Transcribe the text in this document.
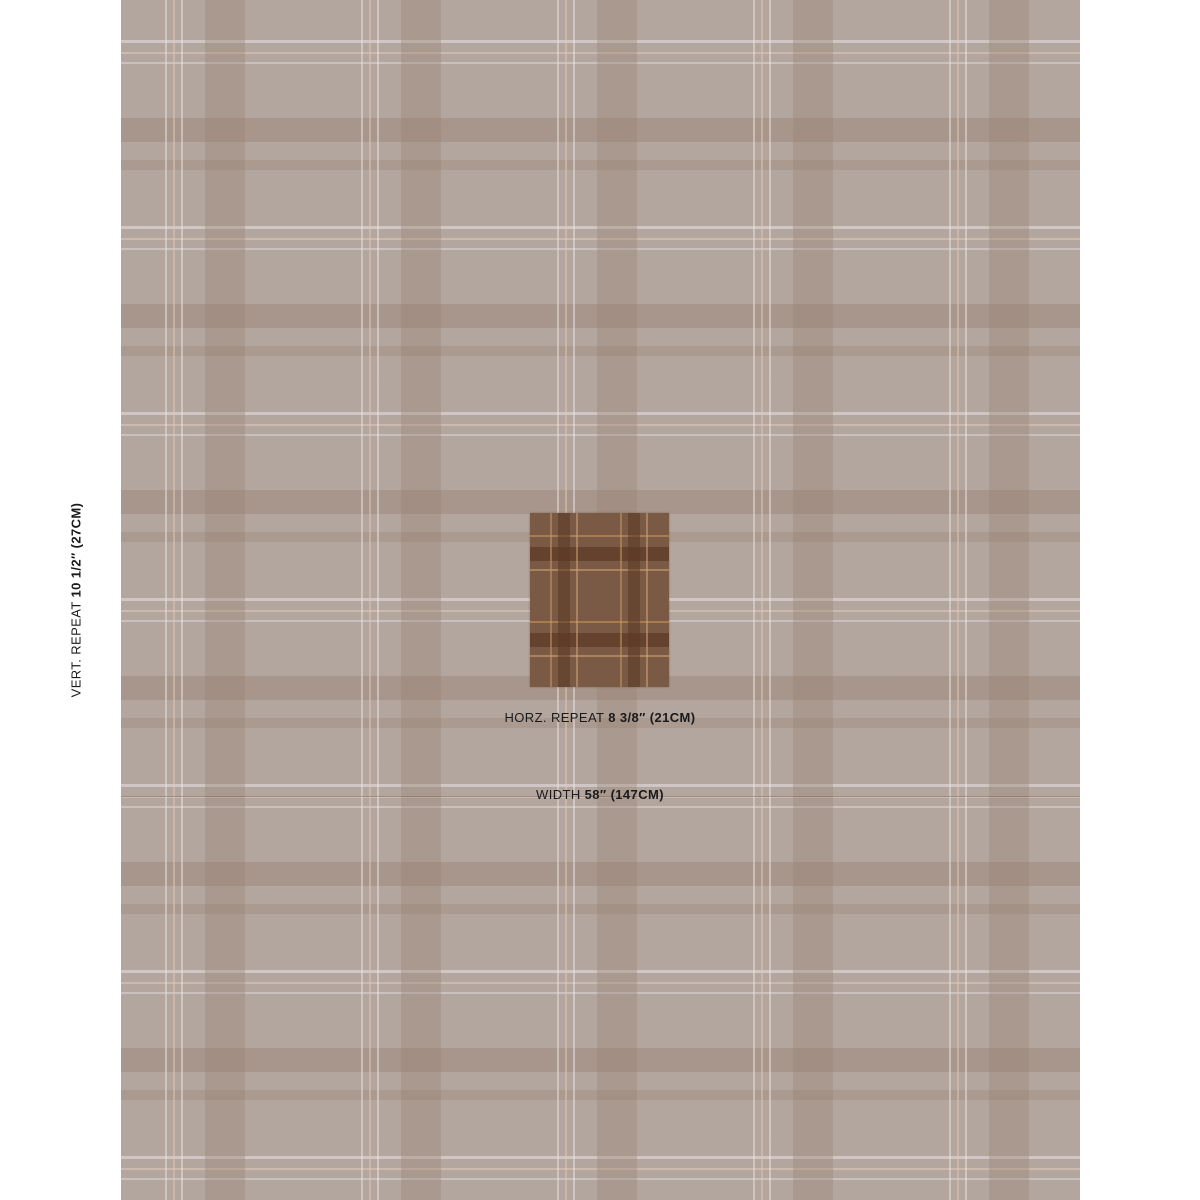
HORZ. REPEAT 8 3/8″ (21CM)
WIDTH 58″ (147CM)
VERT. REPEAT 10 1/2″ (27CM)
